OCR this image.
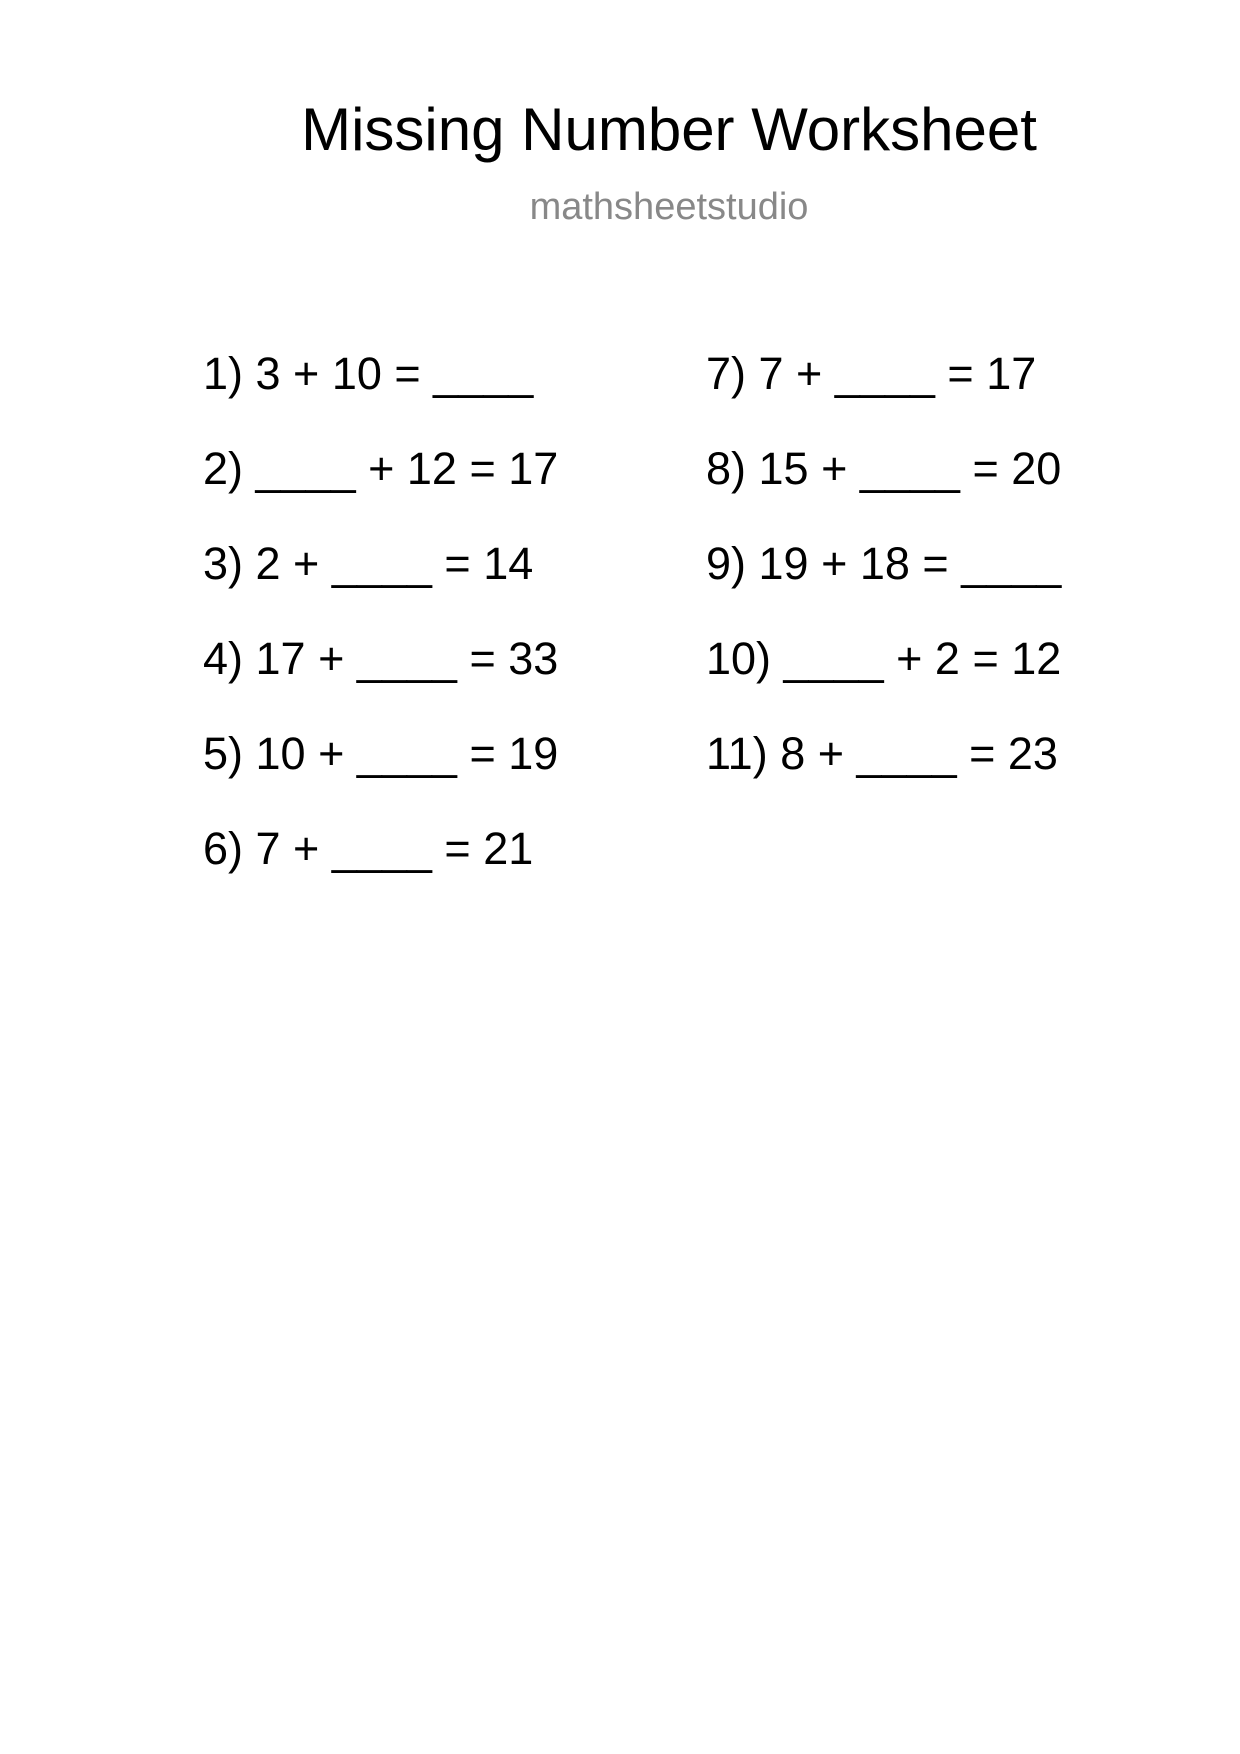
Missing Number Worksheet
mathsheetstudio
1) 3 + 10 = ____
2) ____ + 12 = 17
3) 2 + ____ = 14
4) 17 + ____ = 33
5) 10 + ____ = 19
6) 7 + ____ = 21
7) 7 + ____ = 17
8) 15 + ____ = 20
9) 19 + 18 = ____
10) ____ + 2 = 12
11) 8 + ____ = 23
